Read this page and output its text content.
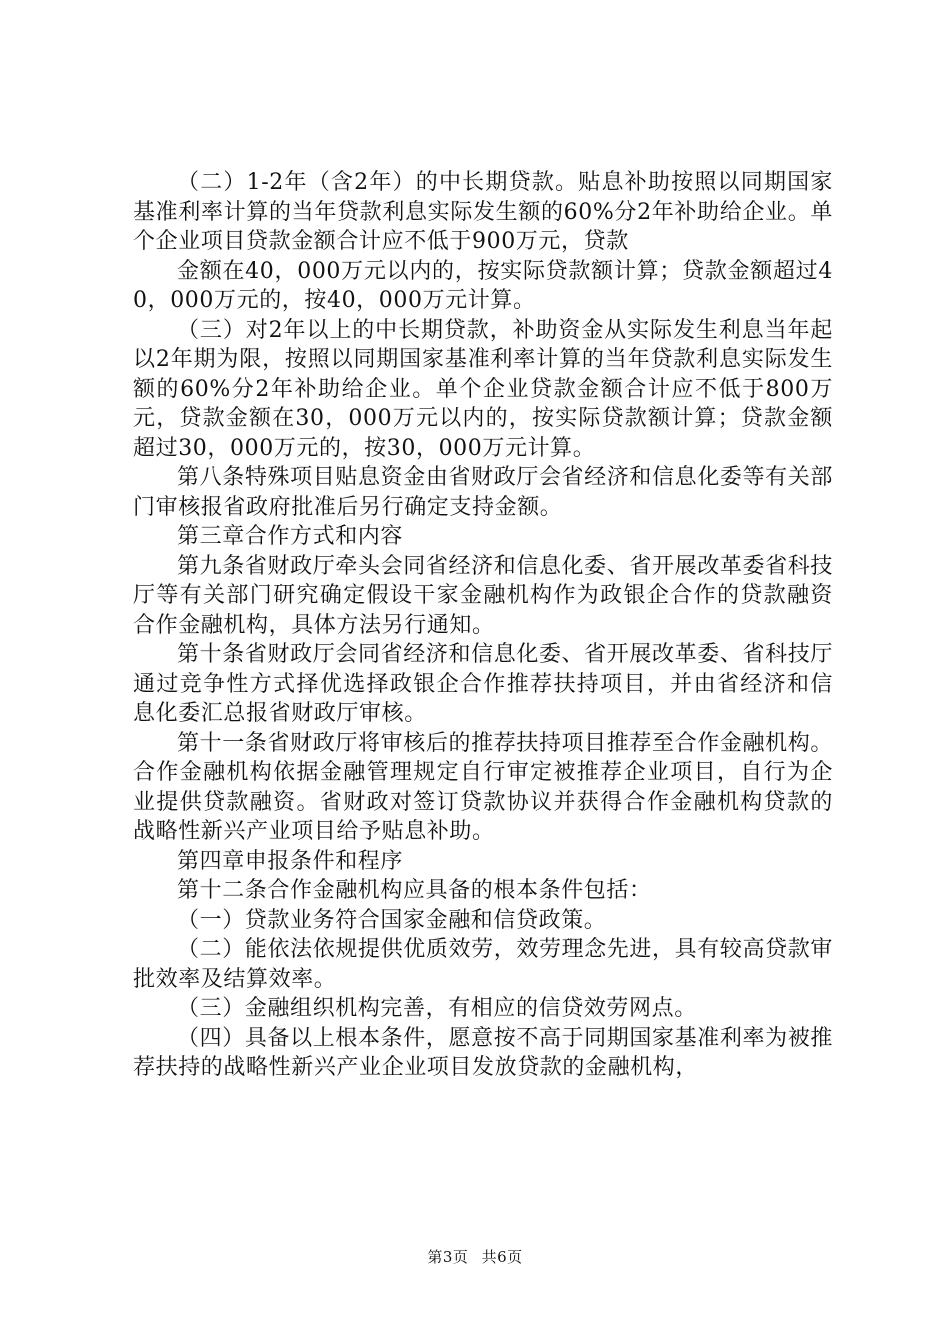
（二）1-2年（含2年）的中长期贷款。贴息补助按照以同期国家基准利率计算的当年贷款利息实际发生额的60%分2年补助给企业。单个企业项目贷款金额合计应不低于900万元，贷款

金额在40，000万元以内的，按实际贷款额计算；贷款金额超过40，000万元的，按40，000万元计算。

（三）对2年以上的中长期贷款，补助资金从实际发生利息当年起以2年期为限，按照以同期国家基准利率计算的当年贷款利息实际发生额的60%分2年补助给企业。单个企业贷款金额合计应不低于800万元，贷款金额在30，000万元以内的，按实际贷款额计算；贷款金额超过30，000万元的，按30，000万元计算。

第八条特殊项目贴息资金由省财政厅会省经济和信息化委等有关部门审核报省政府批准后另行确定支持金额。

第三章合作方式和内容

第九条省财政厅牵头会同省经济和信息化委、省开展改革委省科技厅等有关部门研究确定假设干家金融机构作为政银企合作的贷款融资合作金融机构，具体方法另行通知。

第十条省财政厅会同省经济和信息化委、省开展改革委、省科技厅通过竞争性方式择优选择政银企合作推荐扶持项目，并由省经济和信息化委汇总报省财政厅审核。

第十一条省财政厅将审核后的推荐扶持项目推荐至合作金融机构。合作金融机构依据金融管理规定自行审定被推荐企业项目，自行为企业提供贷款融资。省财政对签订贷款协议并获得合作金融机构贷款的战略性新兴产业项目给予贴息补助。

第四章申报条件和程序

第十二条合作金融机构应具备的根本条件包括：

（一）贷款业务符合国家金融和信贷政策。

（二）能依法依规提供优质效劳，效劳理念先进，具有较高贷款审批效率及结算效率。

（三）金融组织机构完善，有相应的信贷效劳网点。

（四）具备以上根本条件，愿意按不高于同期国家基准利率为被推荐扶持的战略性新兴产业企业项目发放贷款的金融机构，

第3页 共6页
